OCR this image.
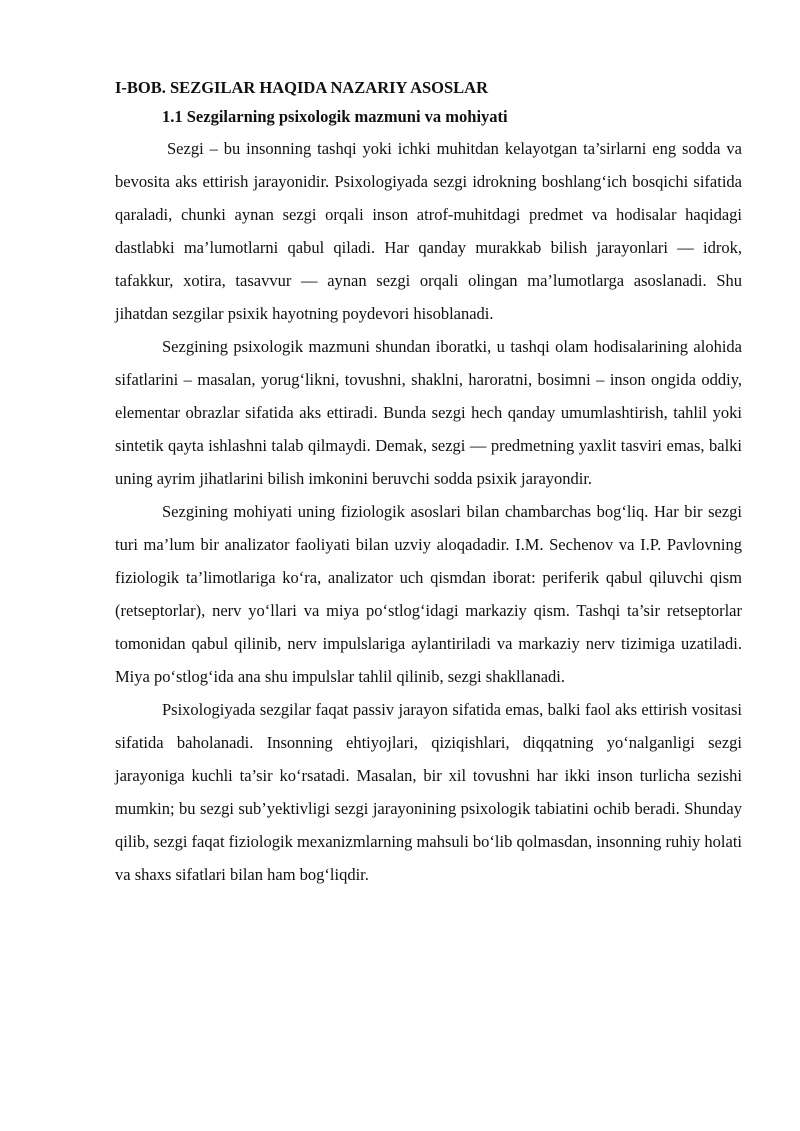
I-BOB. SEZGILAR HAQIDA NAZARIY ASOSLAR
1.1 Sezgilarning psixologik mazmuni va mohiyati

Sezgi – bu insonning tashqi yoki ichki muhitdan kelayotgan ta’sirlarni eng sodda va bevosita aks ettirish jarayonidir. Psixologiyada sezgi idrokning boshlang‘ich bosqichi sifatida qaraladi, chunki aynan sezgi orqali inson atrof-muhitdagi predmet va hodisalar haqidagi dastlabki ma’lumotlarni qabul qiladi. Har qanday murakkab bilish jarayonlari — idrok, tafakkur, xotira, tasavvur — aynan sezgi orqali olingan ma’lumotlarga asoslanadi. Shu jihatdan sezgilar psixik hayotning poydevori hisoblanadi.

Sezgining psixologik mazmuni shundan iboratki, u tashqi olam hodisalarining alohida sifatlarini – masalan, yorug‘likni, tovushni, shaklni, haroratni, bosimni – inson ongida oddiy, elementar obrazlar sifatida aks ettiradi. Bunda sezgi hech qanday umumlashtirish, tahlil yoki sintetik qayta ishlashni talab qilmaydi. Demak, sezgi — predmetning yaxlit tasviri emas, balki uning ayrim jihatlarini bilish imkonini beruvchi sodda psixik jarayondir.

Sezgining mohiyati uning fiziologik asoslari bilan chambarchas bog‘liq. Har bir sezgi turi ma’lum bir analizator faoliyati bilan uzviy aloqadadir. I.M. Sechenov va I.P. Pavlovning fiziologik ta’limotlariga ko‘ra, analizator uch qismdan iborat: periferik qabul qiluvchi qism (retseptorlar), nerv yo‘llari va miya po‘stlog‘idagi markaziy qism. Tashqi ta’sir retseptorlar tomonidan qabul qilinib, nerv impulslariga aylantiriladi va markaziy nerv tizimiga uzatiladi. Miya po‘stlog‘ida ana shu impulslar tahlil qilinib, sezgi shakllanadi.

Psixologiyada sezgilar faqat passiv jarayon sifatida emas, balki faol aks ettirish vositasi sifatida baholanadi. Insonning ehtiyojlari, qiziqishlari, diqqatning yo‘nalganligi sezgi jarayoniga kuchli ta’sir ko‘rsatadi. Masalan, bir xil tovushni har ikki inson turlicha sezishi mumkin; bu sezgi sub’yektivligi sezgi jarayonining psixologik tabiatini ochib beradi. Shunday qilib, sezgi faqat fiziologik mexanizmlarning mahsuli bo‘lib qolmasdan, insonning ruhiy holati va shaxs sifatlari bilan ham bog‘liqdir.
